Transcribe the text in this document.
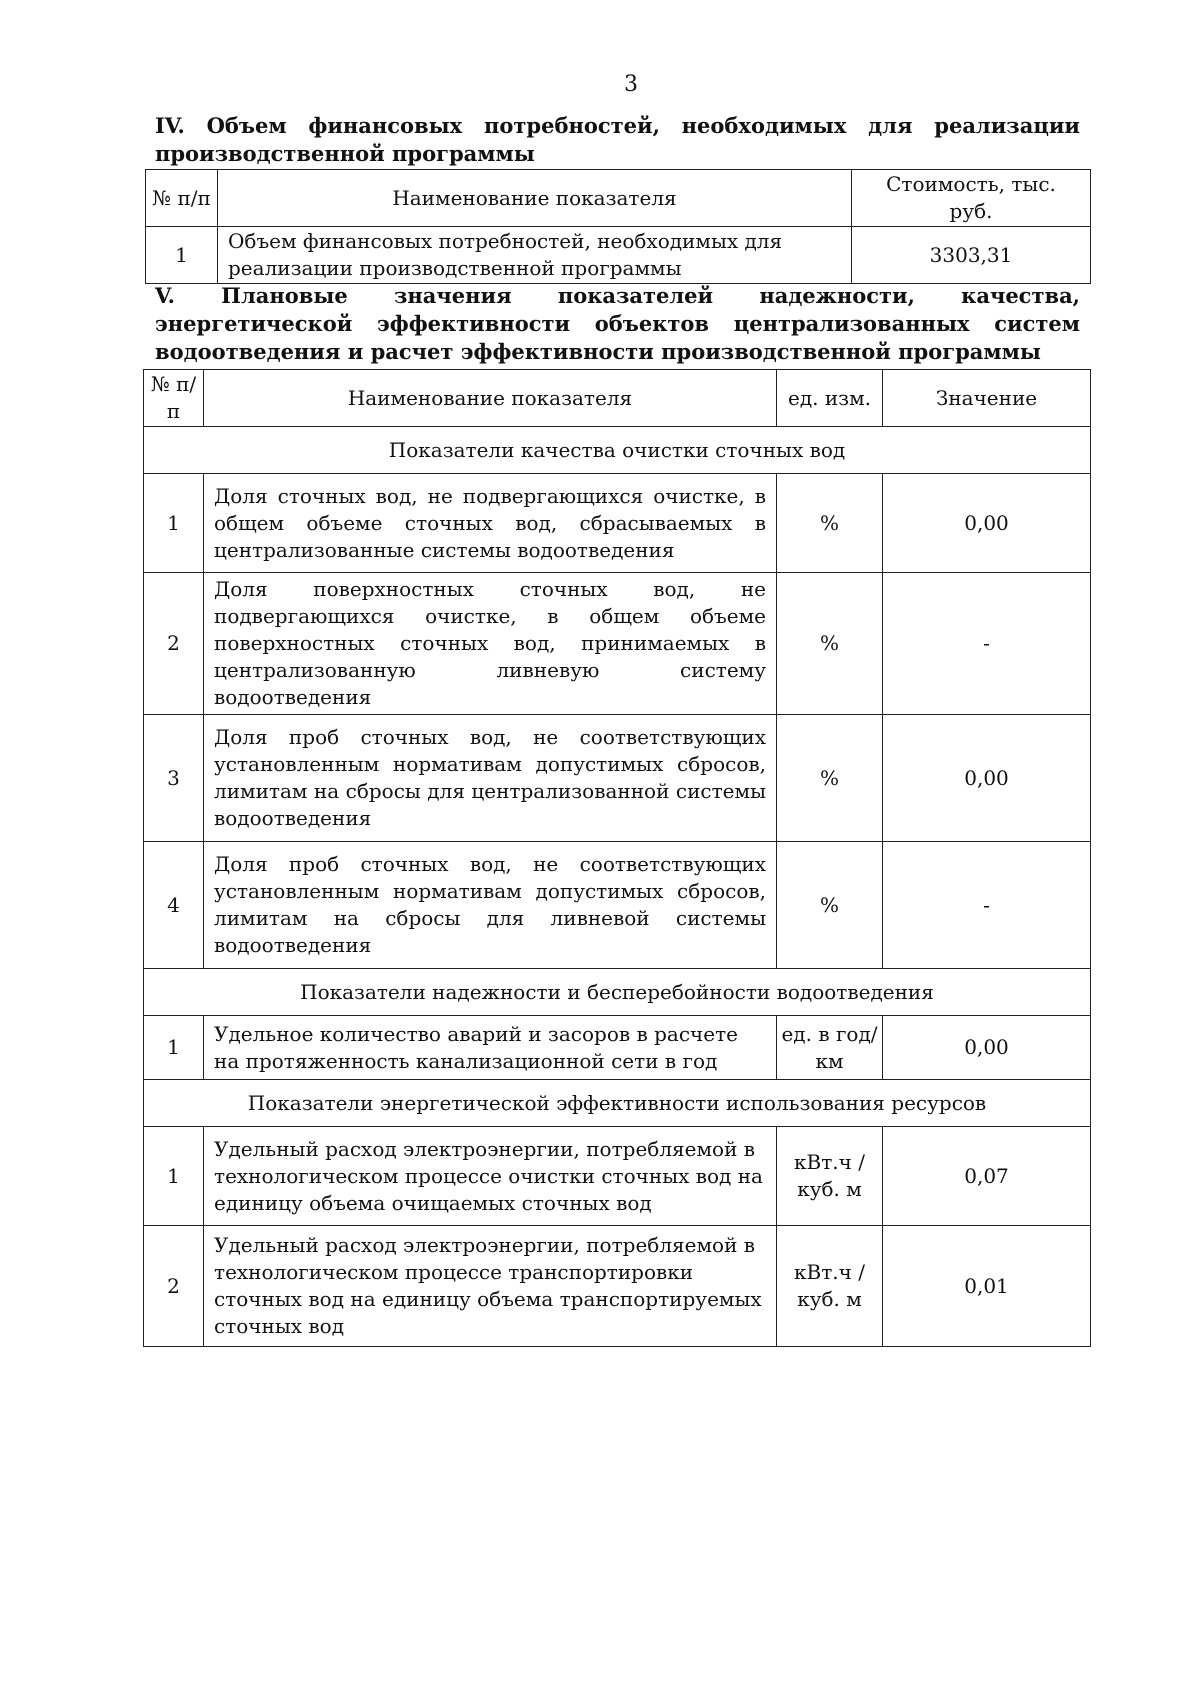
3
IV. Объем финансовых потребностей, необходимых для реализации производственной программы
№ п/п	Наименование показателя	Стоимость, тыс. руб.
1	Объем финансовых потребностей, необходимых для реализации производственной программы	3303,31
V. Плановые значения показателей надежности, качества, энергетической эффективности объектов централизованных систем водоотведения и расчет эффективности производственной программы
№ п/п	Наименование показателя	ед. изм.	Значение
Показатели качества очистки сточных вод			
1	Доля сточных вод, не подвергающихся очистке, в общем объеме сточных вод, сбрасываемых в централизованные системы водоотведения	%	0,00
2	Доля поверхностных сточных вод, не подвергающихся очистке, в общем объеме поверхностных сточных вод, принимаемых в централизованную ливневую систему водоотведения	%	-
3	Доля проб сточных вод, не соответствующих установленным нормативам допустимых сбросов, лимитам на сбросы для централизованной системы водоотведения	%	0,00
4	Доля проб сточных вод, не соответствующих установленным нормативам допустимых сбросов, лимитам на сбросы для ливневой системы водоотведения	%	-
Показатели надежности и бесперебойности водоотведения			
1	Удельное количество аварий и засоров в расчете на протяженность канализационной сети в год	ед. в год/ км	0,00
Показатели энергетической эффективности использования ресурсов			
1	Удельный расход электроэнергии, потребляемой в технологическом процессе очистки сточных вод на единицу объема очищаемых сточных вод	кВт.ч / куб. м	0,07
2	Удельный расход электроэнергии, потребляемой в технологическом процессе транспортировки сточных вод на единицу объема транспортируемых сточных вод	кВт.ч / куб. м	0,01
